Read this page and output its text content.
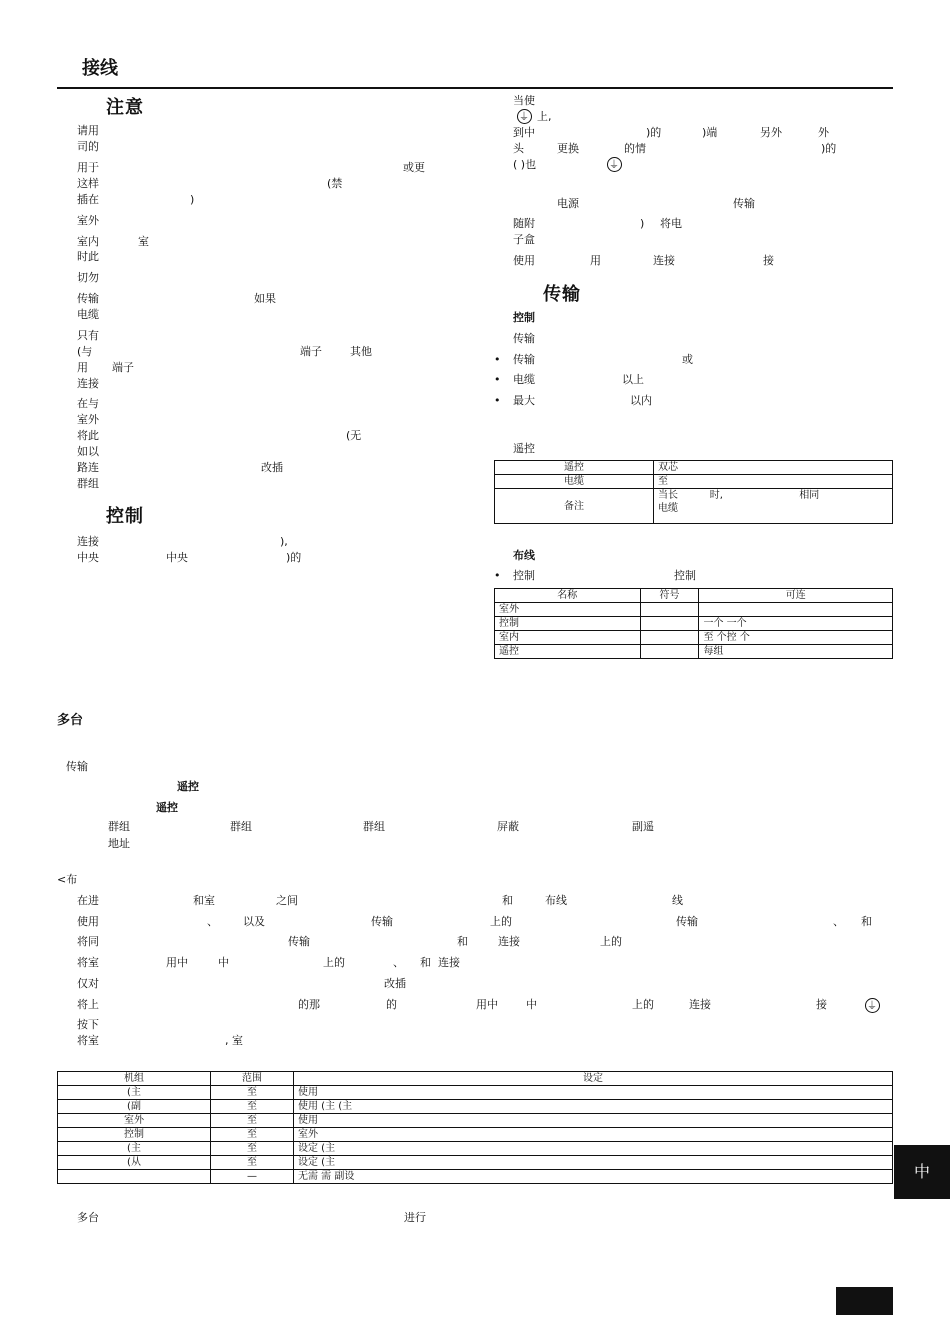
接线
注意
请用
司的
用于	或更
这样	(禁
插在	)
室外
室内	室
时此
切勿
传输	如果
电缆
只有
(与	端子	其他
用 端子
连接
在与
室外
将此	(无
如以
路连	改插
群组
控制
连接	),
中央	中央	)的
当使
上,
到中	)的	)端	另外	外
头	更换	的情	)的
( )也
电源	传输
随附	) 将电
子盒
使用	用	连接	接
⏚
⏚
传输
控制
传输
传输	或
电缆	以上
最大	以内
遥控
•
•
•
•
遥控	双芯
电缆	至
备注	当长          时,                        相同
电缆
布线
控制	控制
名称	符号	可连
室外		
控制		一个 一个
室内		至 个控 个
遥控		每组
多台
传输
遥控
遥控
群组	群组	群组	屏蔽	副遥
地址
<布
在进	和室	之间	和	布线	线
使用	、 以及	传输	上的	传输	、 和
将同	传输	和	连接	上的
将室	用中	中	上的	、 和 连接
仅对	改插
将上	的那	的	用中	中	上的	连接	接
按下
将室	, 室
⏚
机组	范围	设定
(主	至	使用
(副	至	使用 (主 (主
室外	至	使用
控制	至	室外
(主	至	设定 (主
(从	至	设定 (主
	—	无需 需 副设
多台	进行
中
